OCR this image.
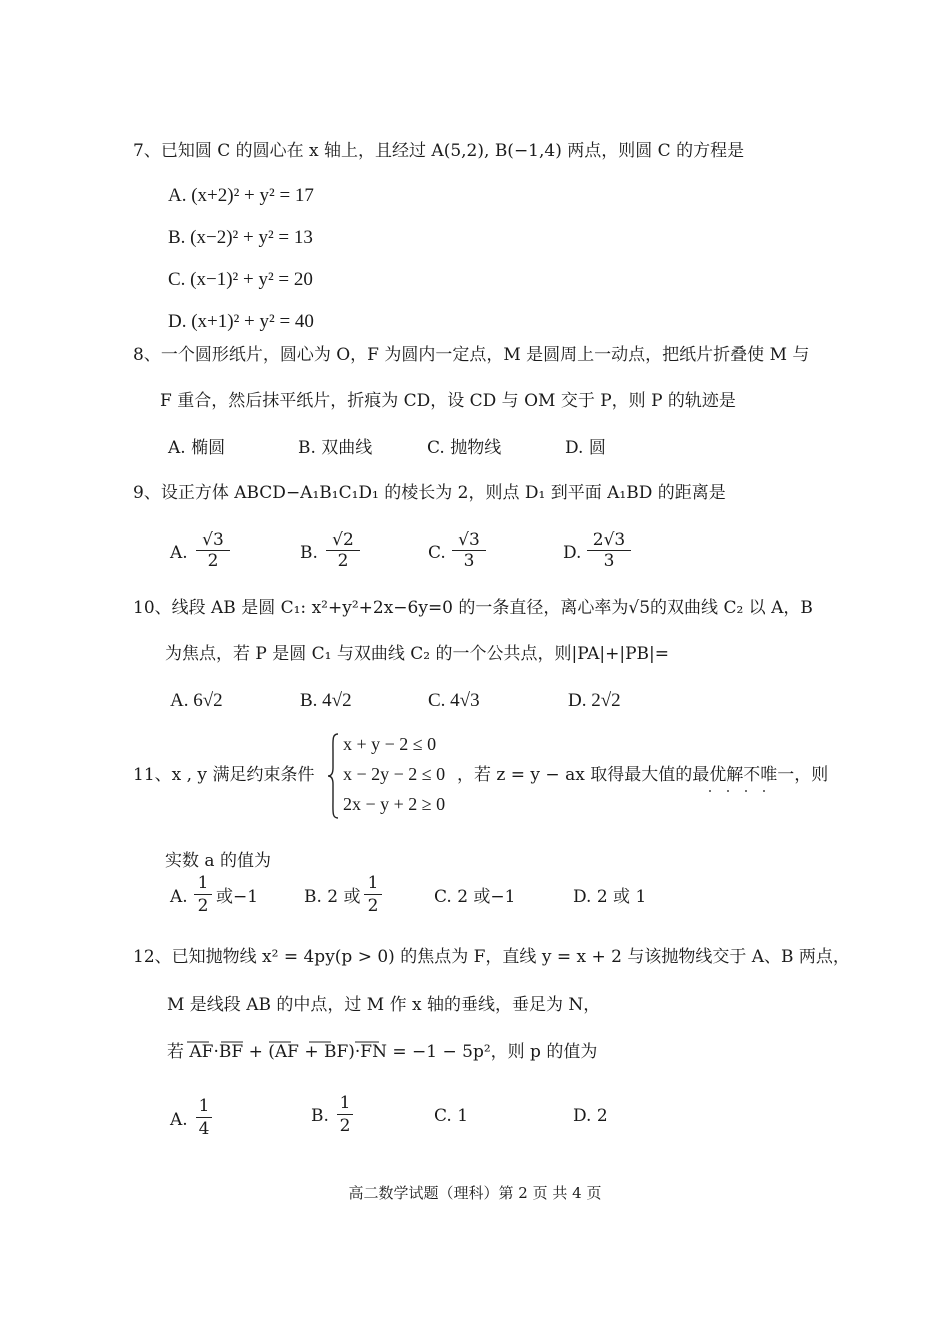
7、已知圆 C 的圆心在 x 轴上，且经过 A(5,2), B(−1,4) 两点，则圆 C 的方程是
A. (x+2)² + y² = 17
B. (x−2)² + y² = 13
C. (x−1)² + y² = 20
D. (x+1)² + y² = 40
8、一个圆形纸片，圆心为 O，F 为圆内一定点，M 是圆周上一动点，把纸片折叠使 M 与
F 重合，然后抹平纸片，折痕为 CD，设 CD 与 OM 交于 P，则 P 的轨迹是
A. 椭圆	B. 双曲线	C. 抛物线	D. 圆
9、设正方体 ABCD−A₁B₁C₁D₁ 的棱长为 2，则点 D₁ 到平面 A₁BD 的距离是
A.
√3
2	B.
√2
2	C.
√3
3	D.
2√3
3
10、线段 AB 是圆 C₁: x²+y²+2x−6y=0 的一条直径，离心率为√5的双曲线 C₂ 以 A，B
为焦点，若 P 是圆 C₁ 与双曲线 C₂ 的一个公共点，则|PA|+|PB|=
A. 6√2	B. 4√2	C. 4√3	D. 2√2
11、x , y 满足约束条件
x + y − 2 ≤ 0
x − 2y − 2 ≤ 0
2x − y + 2 ≥ 0
，若 z = y − ax 取得最大值的最优解不唯一，则
实数 a 的值为
A.
1
2 或−1	B. 2 或
1
2	C. 2 或−1	D. 2 或 1
12、已知抛物线 x² = 4py(p > 0) 的焦点为 F，直线 y = x + 2 与该抛物线交于 A、B 两点，
M 是线段 AB 的中点，过 M 作 x 轴的垂线，垂足为 N，
若 AF·BF + (AF + BF)·FN = −1 − 5p²，则 p 的值为
A.
1
4
B.
1
2	C. 1	D. 2
高二数学试题（理科）第 2 页 共 4 页
